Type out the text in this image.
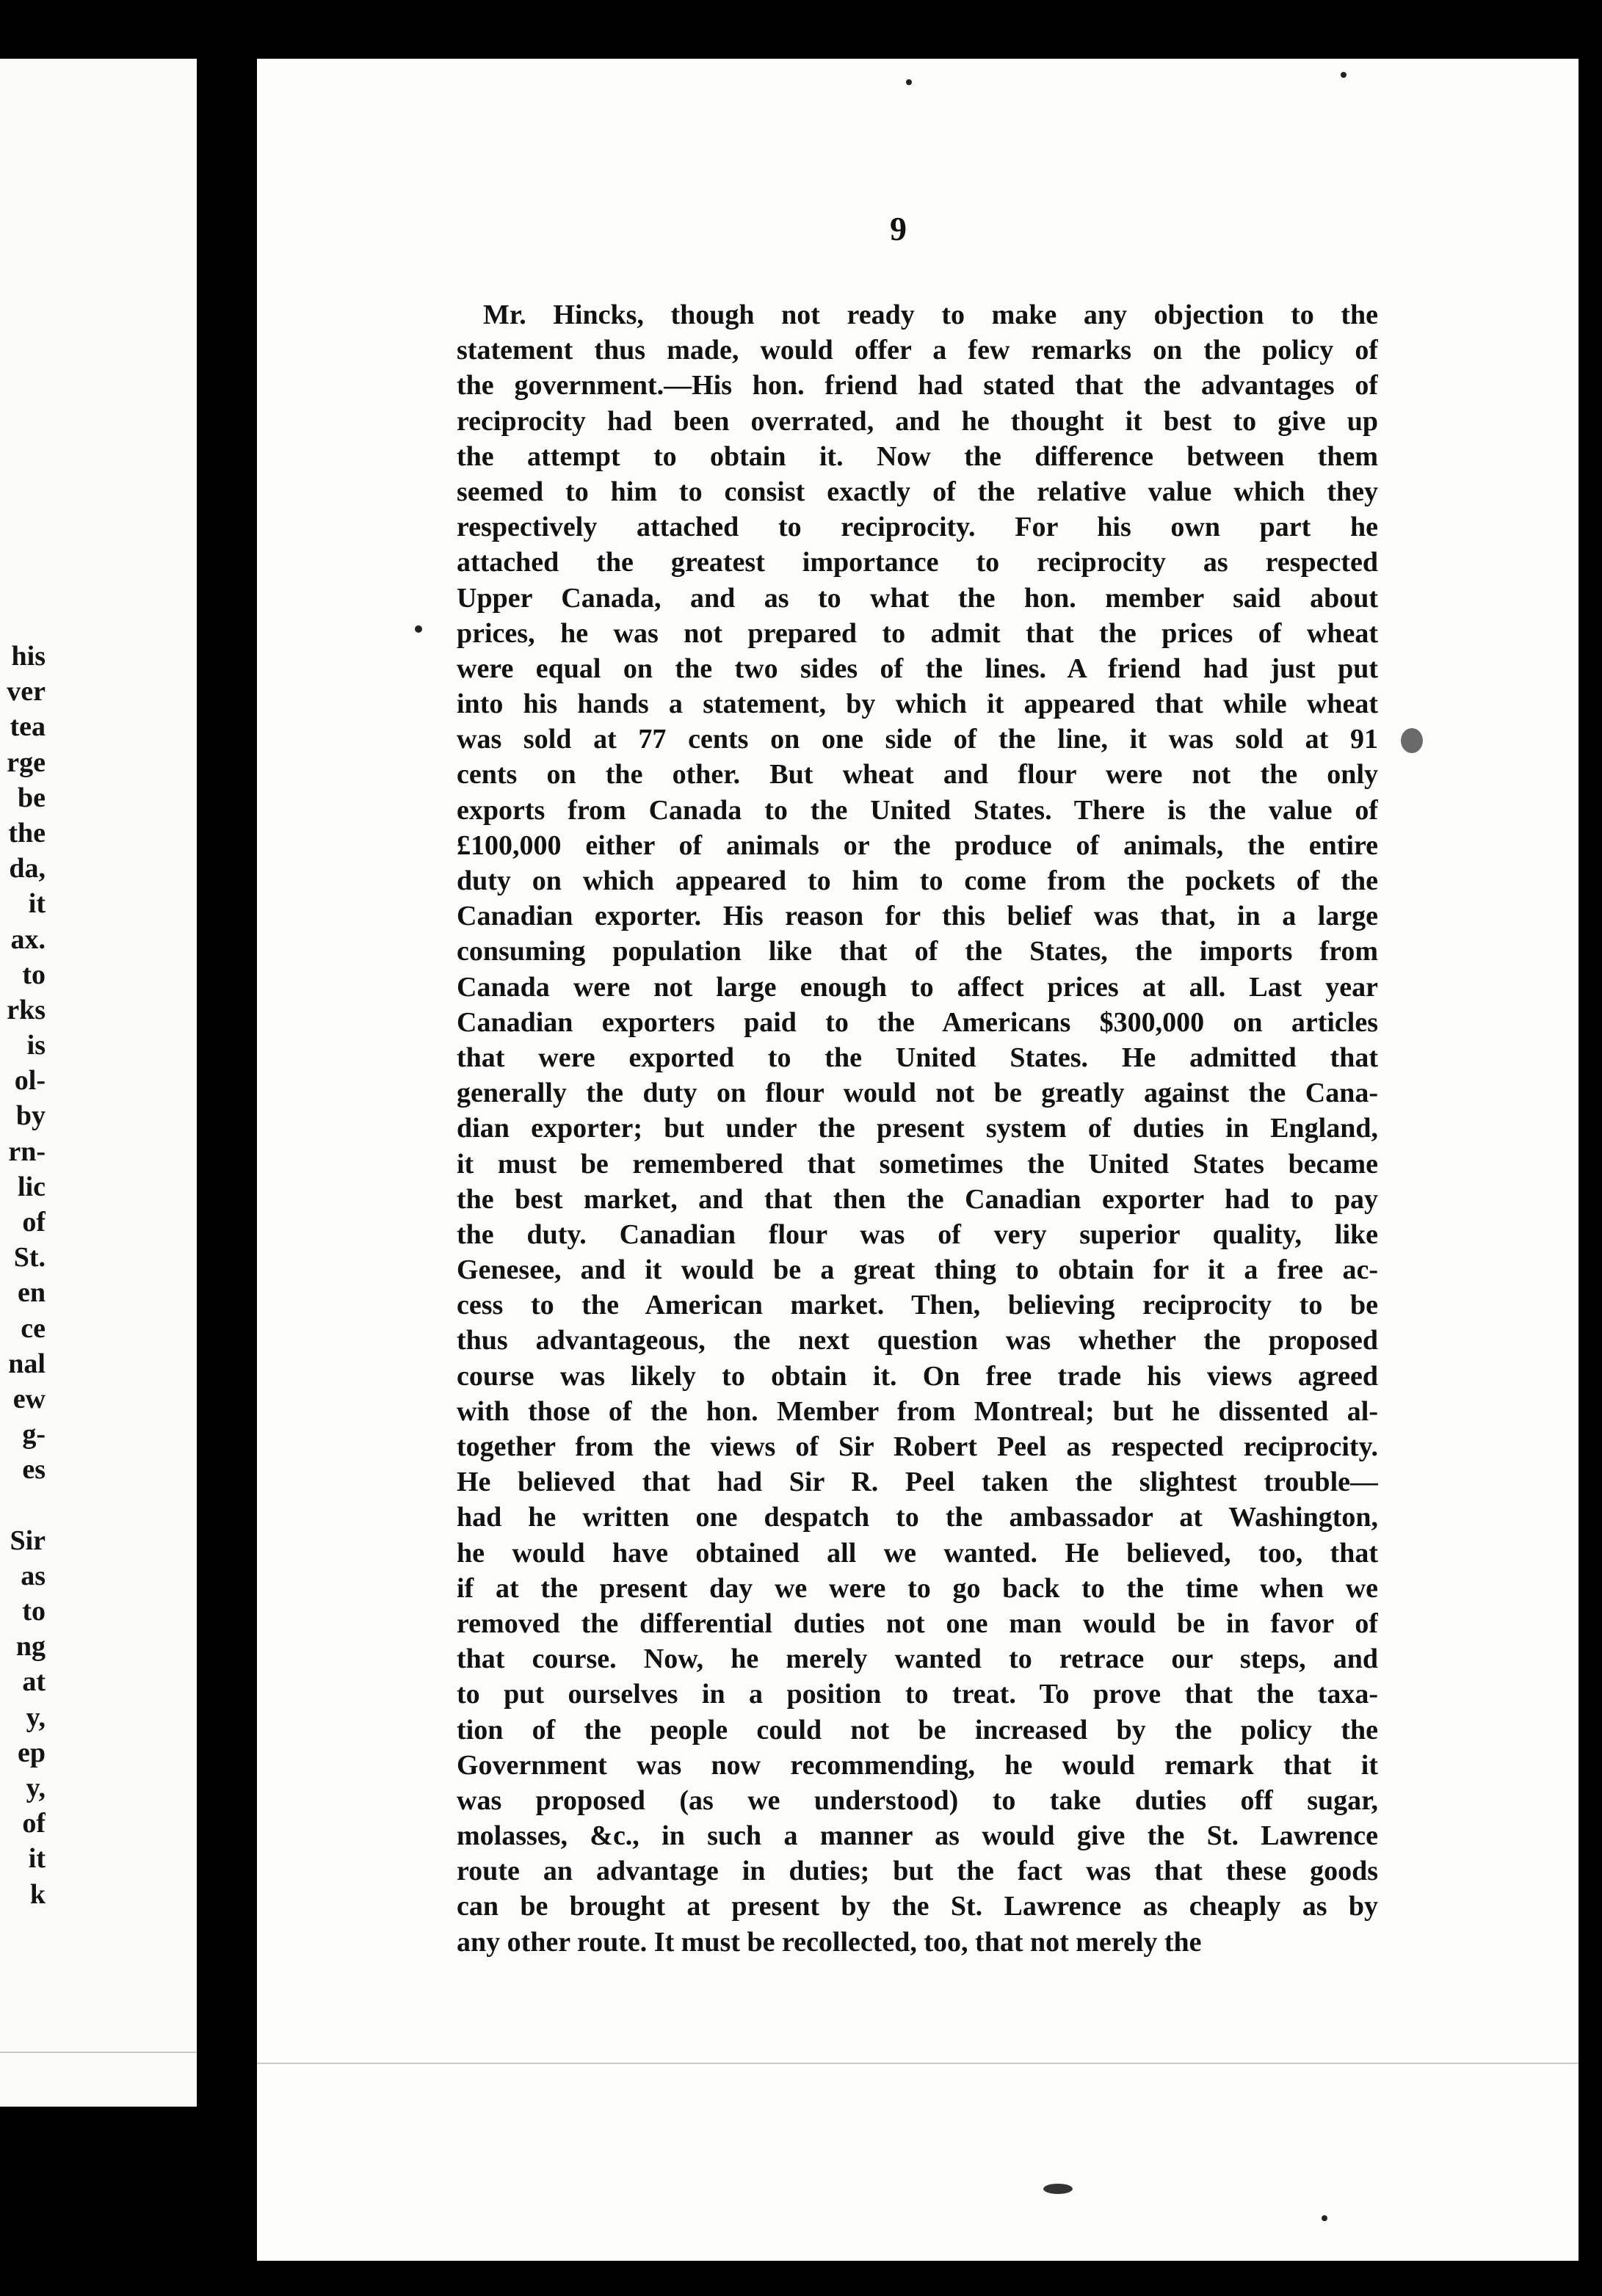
his
ver
tea
rge
be
the
da,
it
ax.
to
rks
is
ol-
by
rn-
lic
of
St.
en
ce
nal
ew
g-
es
Sir
as
to
ng
at
y,
ep
y,
of
it
k
9
Mr. Hincks, though not ready to make any objection to the
statement thus made, would offer a few remarks on the policy of
the government.—His hon. friend had stated that the advantages of
reciprocity had been overrated, and he thought it best to give up
the attempt to obtain it. Now the difference between them
seemed to him to consist exactly of the relative value which they
respectively attached to reciprocity. For his own part he
attached the greatest importance to reciprocity as respected
Upper Canada, and as to what the hon. member said about
prices, he was not prepared to admit that the prices of wheat
were equal on the two sides of the lines. A friend had just put
into his hands a statement, by which it appeared that while wheat
was sold at 77 cents on one side of the line, it was sold at 91
cents on the other. But wheat and flour were not the only
exports from Canada to the United States. There is the value of
£100,000 either of animals or the produce of animals, the entire
duty on which appeared to him to come from the pockets of the
Canadian exporter. His reason for this belief was that, in a large
consuming population like that of the States, the imports from
Canada were not large enough to affect prices at all. Last year
Canadian exporters paid to the Americans $300,000 on articles
that were exported to the United States. He admitted that
generally the duty on flour would not be greatly against the Cana-
dian exporter; but under the present system of duties in England,
it must be remembered that sometimes the United States became
the best market, and that then the Canadian exporter had to pay
the duty. Canadian flour was of very superior quality, like
Genesee, and it would be a great thing to obtain for it a free ac-
cess to the American market. Then, believing reciprocity to be
thus advantageous, the next question was whether the proposed
course was likely to obtain it. On free trade his views agreed
with those of the hon. Member from Montreal; but he dissented al-
together from the views of Sir Robert Peel as respected reciprocity.
He believed that had Sir R. Peel taken the slightest trouble—
had he written one despatch to the ambassador at Washington,
he would have obtained all we wanted. He believed, too, that
if at the present day we were to go back to the time when we
removed the differential duties not one man would be in favor of
that course. Now, he merely wanted to retrace our steps, and
to put ourselves in a position to treat. To prove that the taxa-
tion of the people could not be increased by the policy the
Government was now recommending, he would remark that it
was proposed (as we understood) to take duties off sugar,
molasses, &c., in such a manner as would give the St. Lawrence
route an advantage in duties; but the fact was that these goods
can be brought at present by the St. Lawrence as cheaply as by
any other route. It must be recollected, too, that not merely the
